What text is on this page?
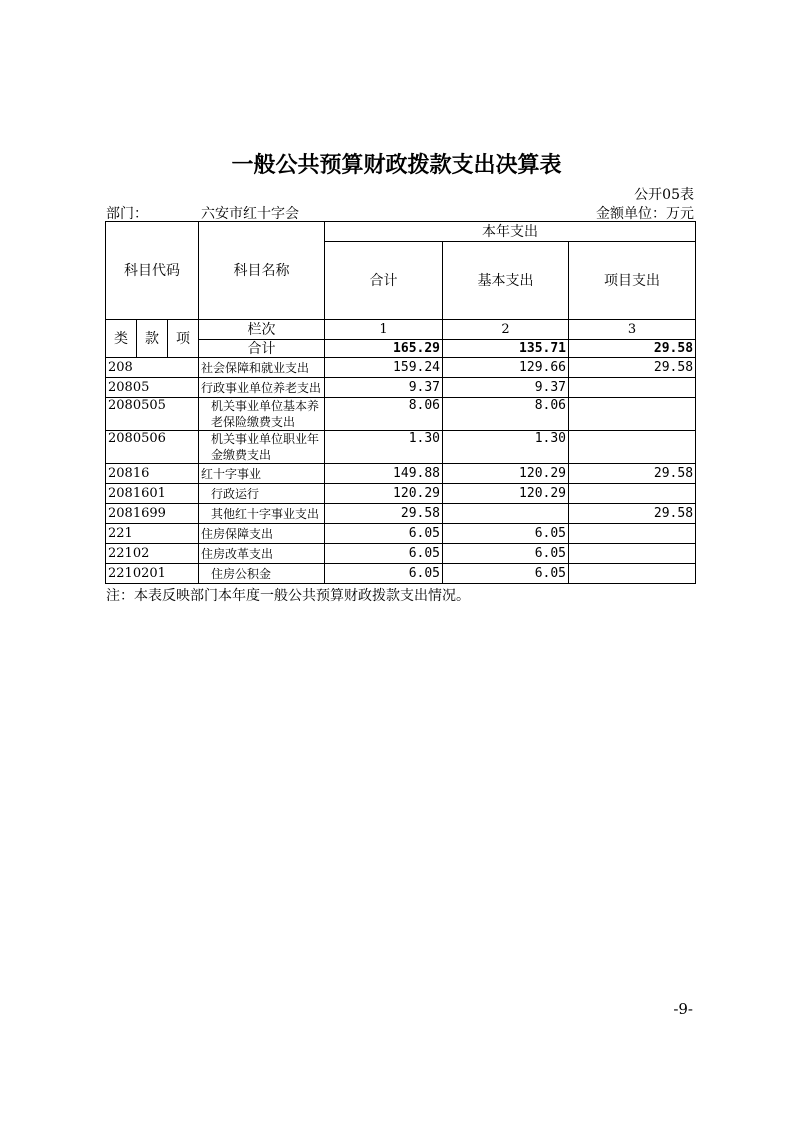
一般公共预算财政拨款支出决算表
公开05表
部门：	六安市红十字会	金额单位：万元
科目代码			科目名称	本年支出		
				合计	基本支出	项目支出

类	款	项	栏次	1	2	3
			合计	165.29	135.71	29.58
208			社会保障和就业支出	159.24	129.66	29.58
20805			行政事业单位养老支出	9.37	9.37	
2080505			机关事业单位基本养老保险缴费支出	8.06	8.06	
2080506			机关事业单位职业年金缴费支出	1.30	1.30	
20816			红十字事业	149.88	120.29	29.58
2081601			行政运行	120.29	120.29	
2081699			其他红十字事业支出	29.58		29.58
221			住房保障支出	6.05	6.05	
22102			住房改革支出	6.05	6.05	
2210201			住房公积金	6.05	6.05	
注：本表反映部门本年度一般公共预算财政拨款支出情况。
-9-
